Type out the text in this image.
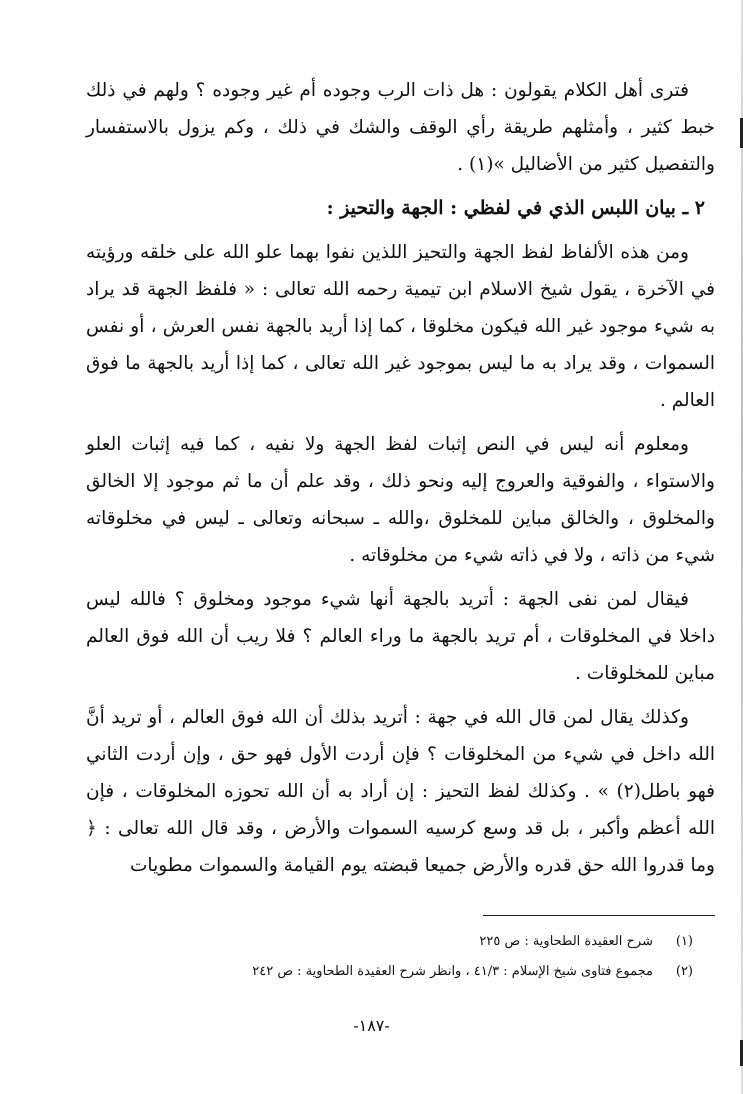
فترى أهل الكلام يقولون : هل ذات الرب وجوده أم غير وجوده ؟ ولهم في ذلك خبط كثير ، وأمثلهم طريقة رأي الوقف والشك في ذلك ، وكم يزول بالاستفسار والتفصيل كثير من الأضاليل »(١) .

٢ ـ بيان اللبس الذي في لفظي : الجهة والتحيز :

ومن هذه الألفاظ لفظ الجهة والتحيز اللذين نفوا بهما علو الله على خلقه ورؤيته في الآخرة ، يقول شيخ الاسلام ابن تيمية رحمه الله تعالى : « فلفظ الجهة قد يراد به شيء موجود غير الله فيكون مخلوقا ، كما إذا أريد بالجهة نفس العرش ، أو نفس السموات ، وقد يراد به ما ليس بموجود غير الله تعالى ، كما إذا أريد بالجهة ما فوق العالم .

ومعلوم أنه ليس في النص إثبات لفظ الجهة ولا نفيه ، كما فيه إثبات العلو والاستواء ، والفوقية والعروج إليه ونحو ذلك ، وقد علم أن ما ثم موجود إلا الخالق والمخلوق ، والخالق مباين للمخلوق ،والله ـ سبحانه وتعالى ـ ليس في مخلوقاته شيء من ذاته ، ولا في ذاته شيء من مخلوقاته .

فيقال لمن نفى الجهة : أتريد بالجهة أنها شيء موجود ومخلوق ؟ فالله ليس داخلا في المخلوقات ، أم تريد بالجهة ما وراء العالم ؟ فلا ريب أن الله فوق العالم مباين للمخلوقات .

وكذلك يقال لمن قال الله في جهة : أتريد بذلك أن الله فوق العالم ، أو تريد أنَّ الله داخل في شيء من المخلوقات ؟ فإن أردت الأول فهو حق ، وإن أردت الثاني فهو باطل(٢) » . وكذلك لفظ التحيز : إن أراد به أن الله تحوزه المخلوقات ، فإن الله أعظم وأكبر ، بل قد وسع كرسيه السموات والأرض ، وقد قال الله تعالى : ﴿ وما قدروا الله حق قدره والأرض جميعا قبضته يوم القيامة والسموات مطويات

(١)
شرح العقيدة الطحاوية : ص ٢٢٥
(٢)
مجموع فتاوى شيخ الإسلام : ٤١/٣ ، وانظر شرح العقيدة الطحاوية : ص ٢٤٢
-١٨٧-
